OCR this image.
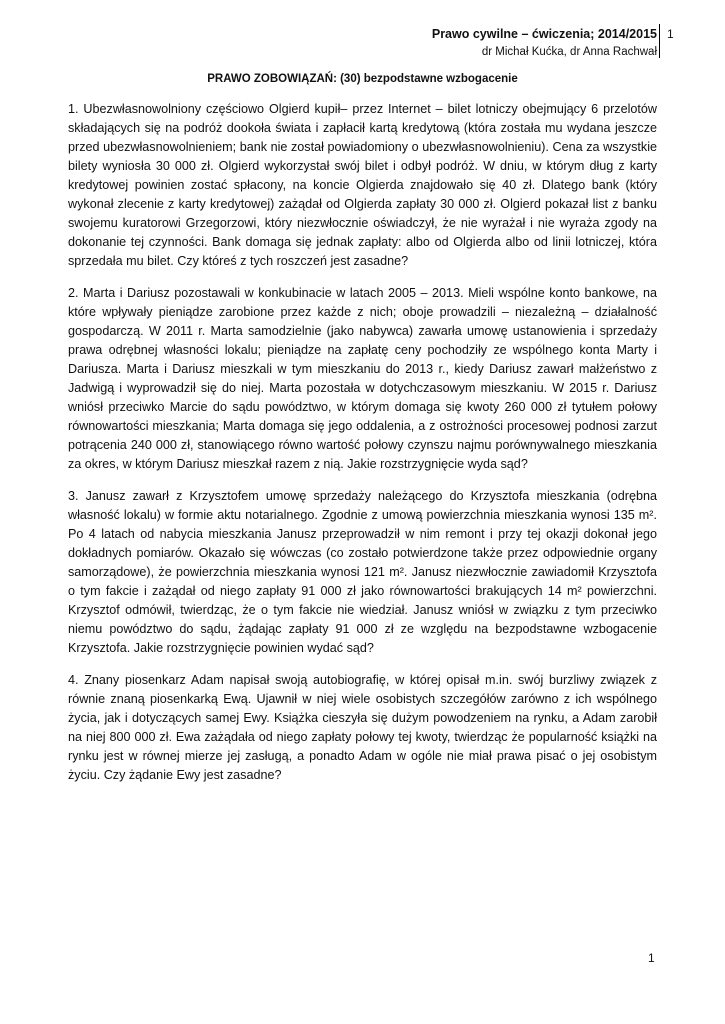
Prawo cywilne – ćwiczenia; 2014/2015
dr Michał Kućka, dr Anna Rachwał
1
PRAWO ZOBOWIĄZAŃ: (30) bezpodstawne wzbogacenie

1. Ubezwłasnowolniony częściowo Olgierd kupił– przez Internet – bilet lotniczy obejmujący 6 przelotów składających się na podróż dookoła świata i zapłacił kartą kredytową (która została mu wydana jeszcze przed ubezwłasnowolnieniem; bank nie został powiadomiony o ubezwłasnowolnieniu). Cena za wszystkie bilety wyniosła 30 000 zł. Olgierd wykorzystał swój bilet i odbył podróż. W dniu, w którym dług z karty kredytowej powinien zostać spłacony, na koncie Olgierda znajdowało się 40 zł. Dlatego bank (który wykonał zlecenie z karty kredytowej) zażądał od Olgierda zapłaty 30 000 zł. Olgierd pokazał list z banku swojemu kuratorowi Grzegorzowi, który niezwłocznie oświadczył, że nie wyrażał i nie wyraża zgody na dokonanie tej czynności. Bank domaga się jednak zapłaty: albo od Olgierda albo od linii lotniczej, która sprzedała mu bilet. Czy któreś z tych roszczeń jest zasadne?

2. Marta i Dariusz pozostawali w konkubinacie w latach 2005 – 2013. Mieli wspólne konto bankowe, na które wpływały pieniądze zarobione przez każde z nich; oboje prowadzili – niezależną – działalność gospodarczą. W 2011 r. Marta samodzielnie (jako nabywca) zawarła umowę ustanowienia i sprzedaży prawa odrębnej własności lokalu; pieniądze na zapłatę ceny pochodziły ze wspólnego konta Marty i Dariusza. Marta i Dariusz mieszkali w tym mieszkaniu do 2013 r., kiedy Dariusz zawarł małżeństwo z Jadwigą i wyprowadził się do niej. Marta pozostała w dotychczasowym mieszkaniu. W 2015 r. Dariusz wniósł przeciwko Marcie do sądu powództwo, w którym domaga się kwoty 260 000 zł tytułem połowy równowartości mieszkania; Marta domaga się jego oddalenia, a z ostrożności procesowej podnosi zarzut potrącenia 240 000 zł, stanowiącego równo wartość połowy czynszu najmu porównywalnego mieszkania za okres, w którym Dariusz mieszkał razem z nią. Jakie rozstrzygnięcie wyda sąd?

3. Janusz zawarł z Krzysztofem umowę sprzedaży należącego do Krzysztofa mieszkania (odrębna własność lokalu) w formie aktu notarialnego. Zgodnie z umową powierzchnia mieszkania wynosi 135 m². Po 4 latach od nabycia mieszkania Janusz przeprowadził w nim remont i przy tej okazji dokonał jego dokładnych pomiarów. Okazało się wówczas (co zostało potwierdzone także przez odpowiednie organy samorządowe), że powierzchnia mieszkania wynosi 121 m². Janusz niezwłocznie zawiadomił Krzysztofa o tym fakcie i zażądał od niego zapłaty 91 000 zł jako równowartości brakujących 14 m² powierzchni. Krzysztof odmówił, twierdząc, że o tym fakcie nie wiedział. Janusz wniósł w związku z tym przeciwko niemu powództwo do sądu, żądając zapłaty 91 000 zł ze względu na bezpodstawne wzbogacenie Krzysztofa. Jakie rozstrzygnięcie powinien wydać sąd?

4. Znany piosenkarz Adam napisał swoją autobiografię, w której opisał m.in. swój burzliwy związek z równie znaną piosenkarką Ewą. Ujawnił w niej wiele osobistych szczegółów zarówno z ich wspólnego życia, jak i dotyczących samej Ewy. Książka cieszyła się dużym powodzeniem na rynku, a Adam zarobił na niej 800 000 zł. Ewa zażądała od niego zapłaty połowy tej kwoty, twierdząc że popularność książki na rynku jest w równej mierze jej zasługą, a ponadto Adam w ogóle nie miał prawa pisać o jej osobistym życiu. Czy żądanie Ewy jest zasadne?

1
